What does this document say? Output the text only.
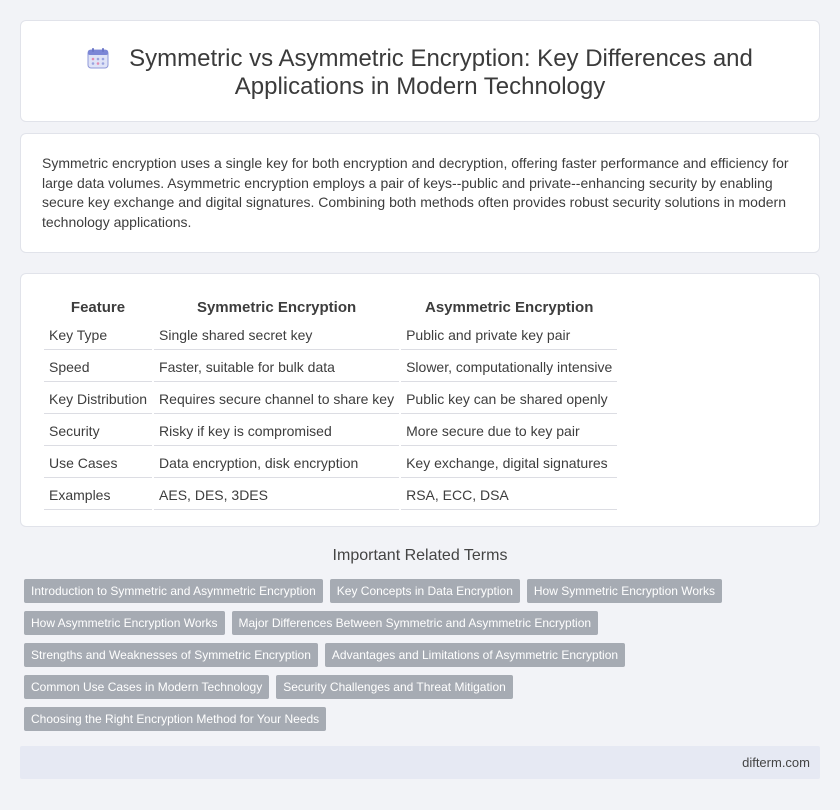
Symmetric vs Asymmetric Encryption: Key Differences and Applications in Modern Technology
Symmetric encryption uses a single key for both encryption and decryption, offering faster performance and efficiency for large data volumes. Asymmetric encryption employs a pair of keys--public and private--enhancing security by enabling secure key exchange and digital signatures. Combining both methods often provides robust security solutions in modern technology applications.
Feature	Symmetric Encryption	Asymmetric Encryption
Key Type	Single shared secret key	Public and private key pair
Speed	Faster, suitable for bulk data	Slower, computationally intensive
Key Distribution	Requires secure channel to share key	Public key can be shared openly
Security	Risky if key is compromised	More secure due to key pair
Use Cases	Data encryption, disk encryption	Key exchange, digital signatures
Examples	AES, DES, 3DES	RSA, ECC, DSA
Important Related Terms
Introduction to Symmetric and Asymmetric Encryption Key Concepts in Data Encryption How Symmetric Encryption Works
How Asymmetric Encryption Works Major Differences Between Symmetric and Asymmetric Encryption
Strengths and Weaknesses of Symmetric Encryption Advantages and Limitations of Asymmetric Encryption
Common Use Cases in Modern Technology Security Challenges and Threat Mitigation
Choosing the Right Encryption Method for Your Needs
difterm.com
